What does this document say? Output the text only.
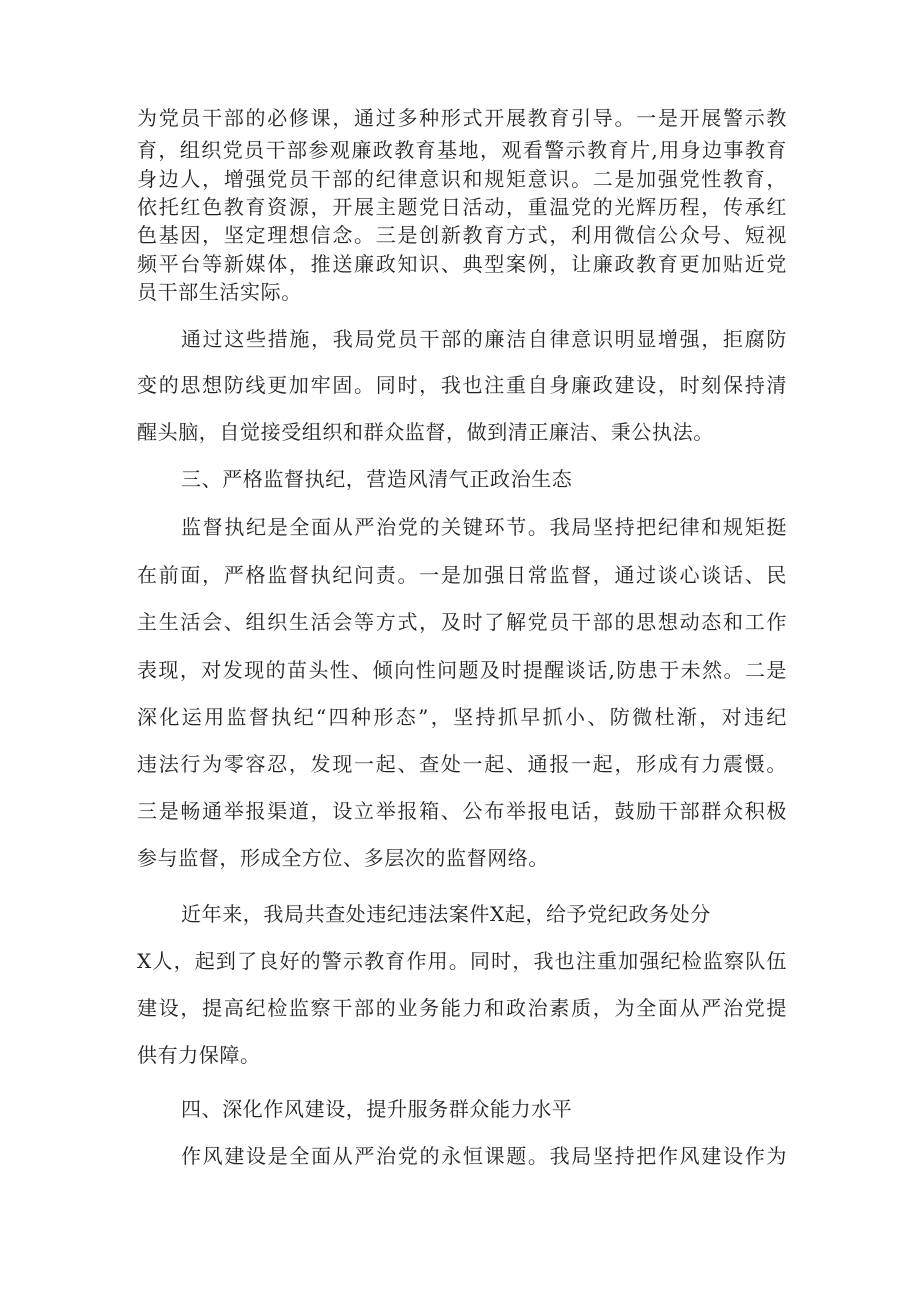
为党员干部的必修课，通过多种形式开展教育引导。一是开展警示教

育，组织党员干部参观廉政教育基地，观看警示教育片,用身边事教育

身边人，增强党员干部的纪律意识和规矩意识。二是加强党性教育，

依托红色教育资源，开展主题党日活动，重温党的光辉历程，传承红

色基因，坚定理想信念。三是创新教育方式，利用微信公众号、短视

频平台等新媒体，推送廉政知识、典型案例，让廉政教育更加贴近党

员干部生活实际。

通过这些措施，我局党员干部的廉洁自律意识明显增强，拒腐防

变的思想防线更加牢固。同时，我也注重自身廉政建设，时刻保持清

醒头脑，自觉接受组织和群众监督，做到清正廉洁、秉公执法。

三、严格监督执纪，营造风清气正政治生态

监督执纪是全面从严治党的关键环节。我局坚持把纪律和规矩挺

在前面，严格监督执纪问责。一是加强日常监督，通过谈心谈话、民

主生活会、组织生活会等方式，及时了解党员干部的思想动态和工作

表现，对发现的苗头性、倾向性问题及时提醒谈话,防患于未然。二是

深化运用监督执纪“四种形态”，坚持抓早抓小、防微杜渐，对违纪

违法行为零容忍，发现一起、查处一起、通报一起，形成有力震慑。

三是畅通举报渠道，设立举报箱、公布举报电话，鼓励干部群众积极

参与监督，形成全方位、多层次的监督网络。

近年来，我局共查处违纪违法案件X起，给予党纪政务处分

X人，起到了良好的警示教育作用。同时，我也注重加强纪检监察队伍

建设，提高纪检监察干部的业务能力和政治素质，为全面从严治党提

供有力保障。

四、深化作风建设，提升服务群众能力水平

作风建设是全面从严治党的永恒课题。我局坚持把作风建设作为
